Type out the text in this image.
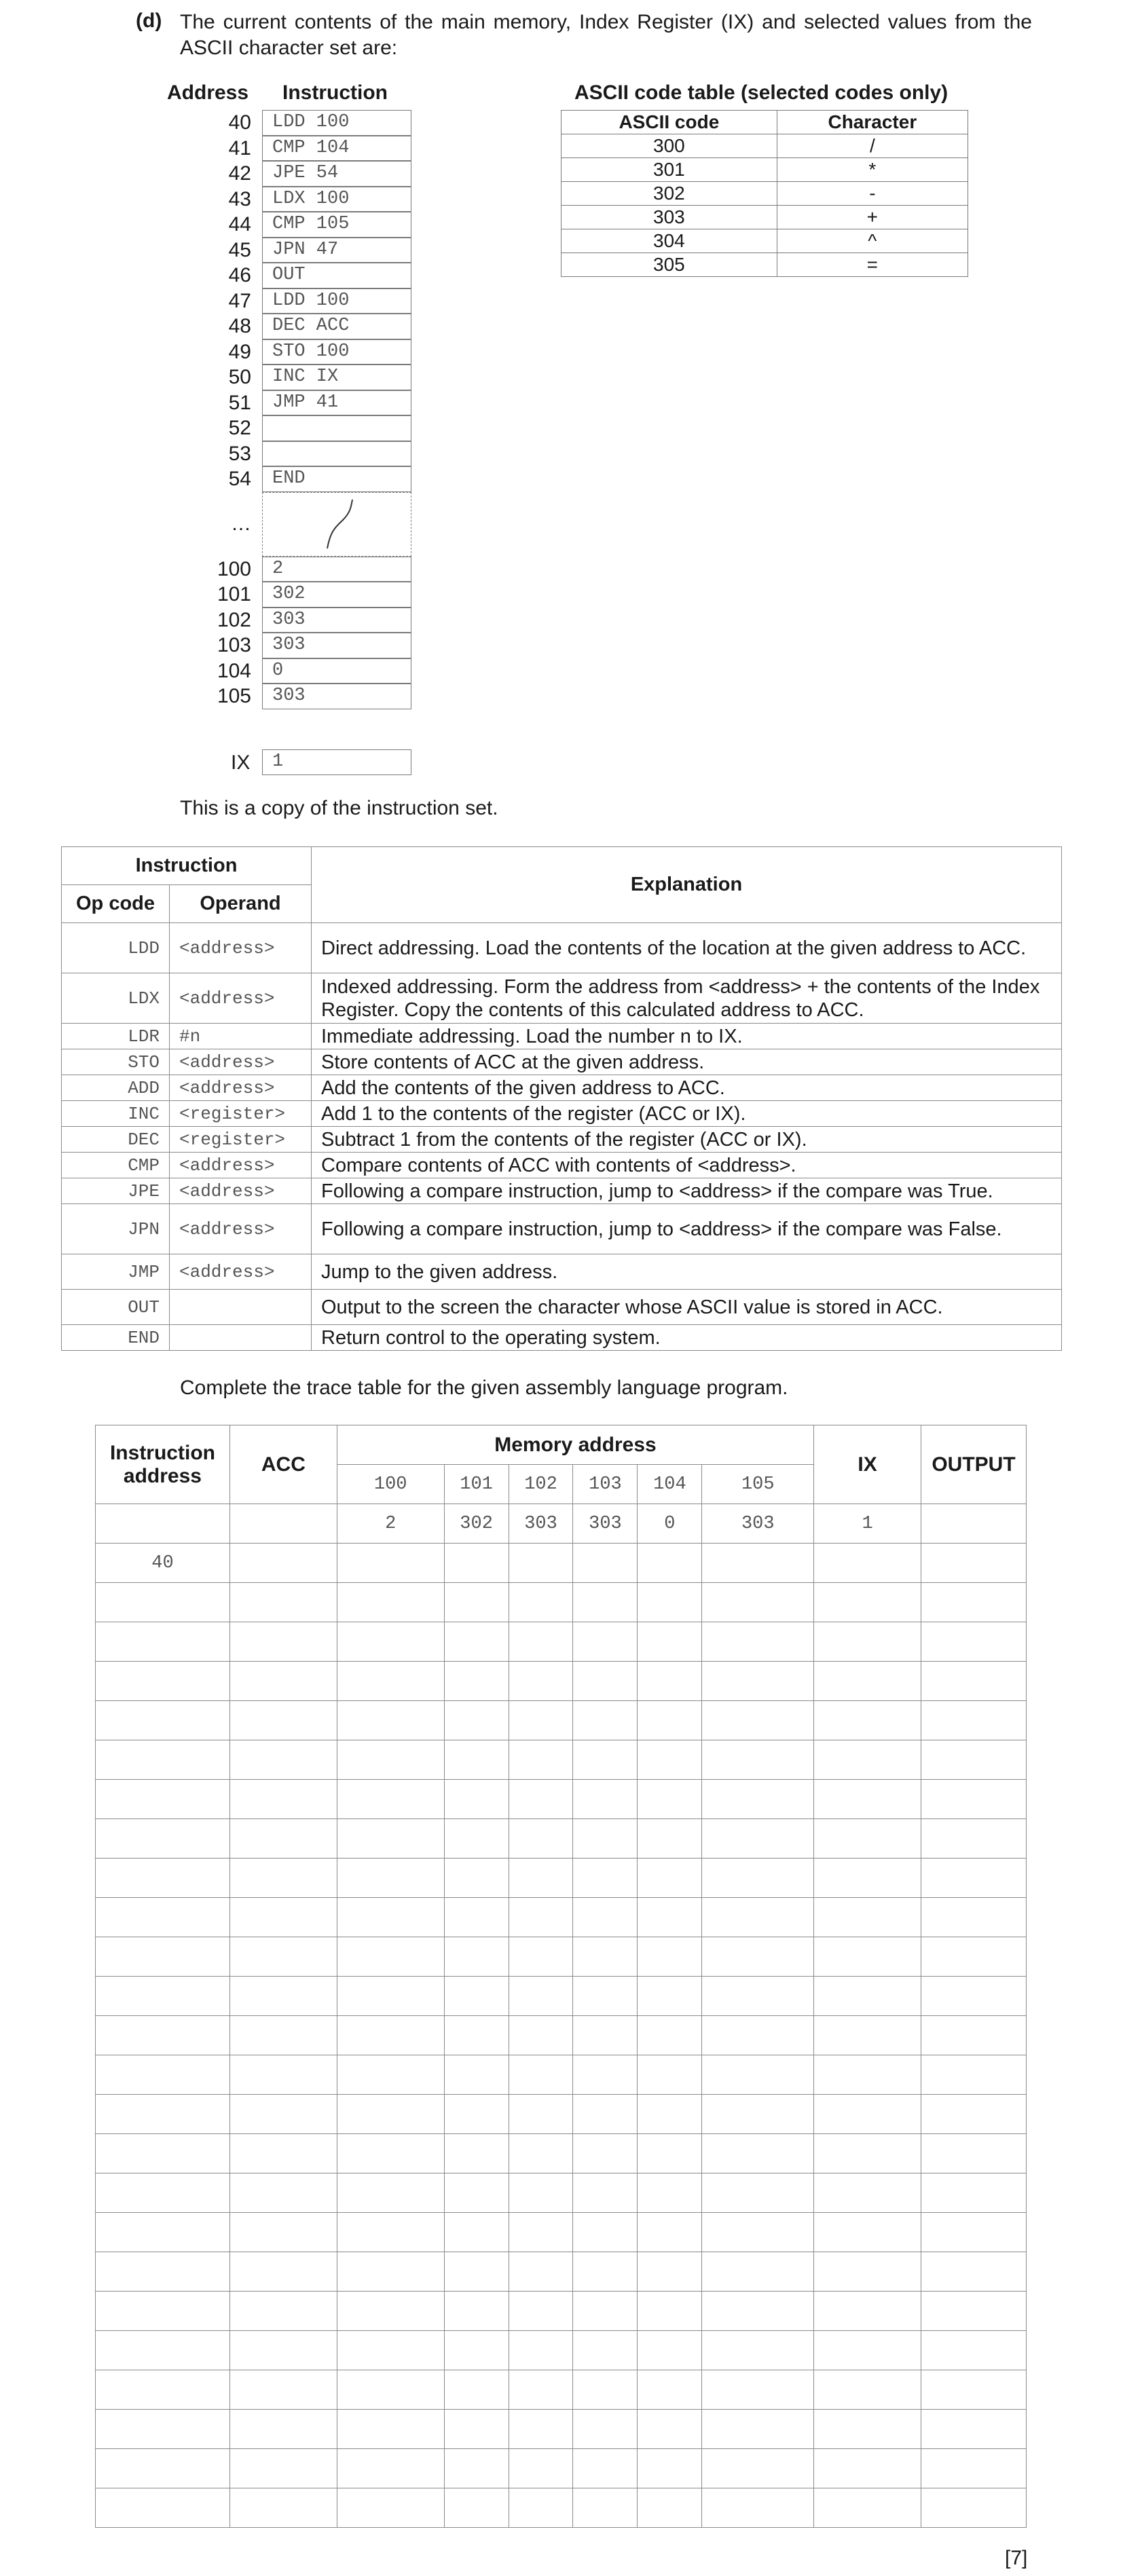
(d) The current contents of the main memory, Index Register (IX) and selected values from the ASCII character set are:
Address Instruction
40	LDD 100
41	CMP 104
42	JPE 54
43	LDX 100
44	CMP 105
45	JPN 47
46	OUT
47	LDD 100
48	DEC ACC
49	STO 100
50	INC IX
51	JMP 41
52
53
54	END
…
100	2
101	302
102	303
103	303
104	0
105	303
IX	1
ASCII code table (selected codes only)
ASCII code	Character
300	/
301	*
302	-
303	+
304	^
305	=
This is a copy of the instruction set.
Instruction		Explanation
Op code	Operand	
LDD	<address>	Direct addressing. Load the contents of the location at the given address to ACC.
LDX	<address>	Indexed addressing. Form the address from <address> + the contents of the Index Register. Copy the contents of this calculated address to ACC.
LDR	#n	Immediate addressing. Load the number n to IX.
STO	<address>	Store contents of ACC at the given address.
ADD	<address>	Add the contents of the given address to ACC.
INC	<register>	Add 1 to the contents of the register (ACC or IX).
DEC	<register>	Subtract 1 from the contents of the register (ACC or IX).
CMP	<address>	Compare contents of ACC with contents of <address>.
JPE	<address>	Following a compare instruction, jump to <address> if the compare was True.
JPN	<address>	Following a compare instruction, jump to <address> if the compare was False.
JMP	<address>	Jump to the given address.
OUT		Output to the screen the character whose ASCII value is stored in ACC.
END		Return control to the operating system.
Complete the trace table for the given assembly language program.
Instruction address	ACC	Memory address						IX	OUTPUT
		100	101	102	103	104	105		
		2	302	303	303	0	303	1	
40									

[7]
